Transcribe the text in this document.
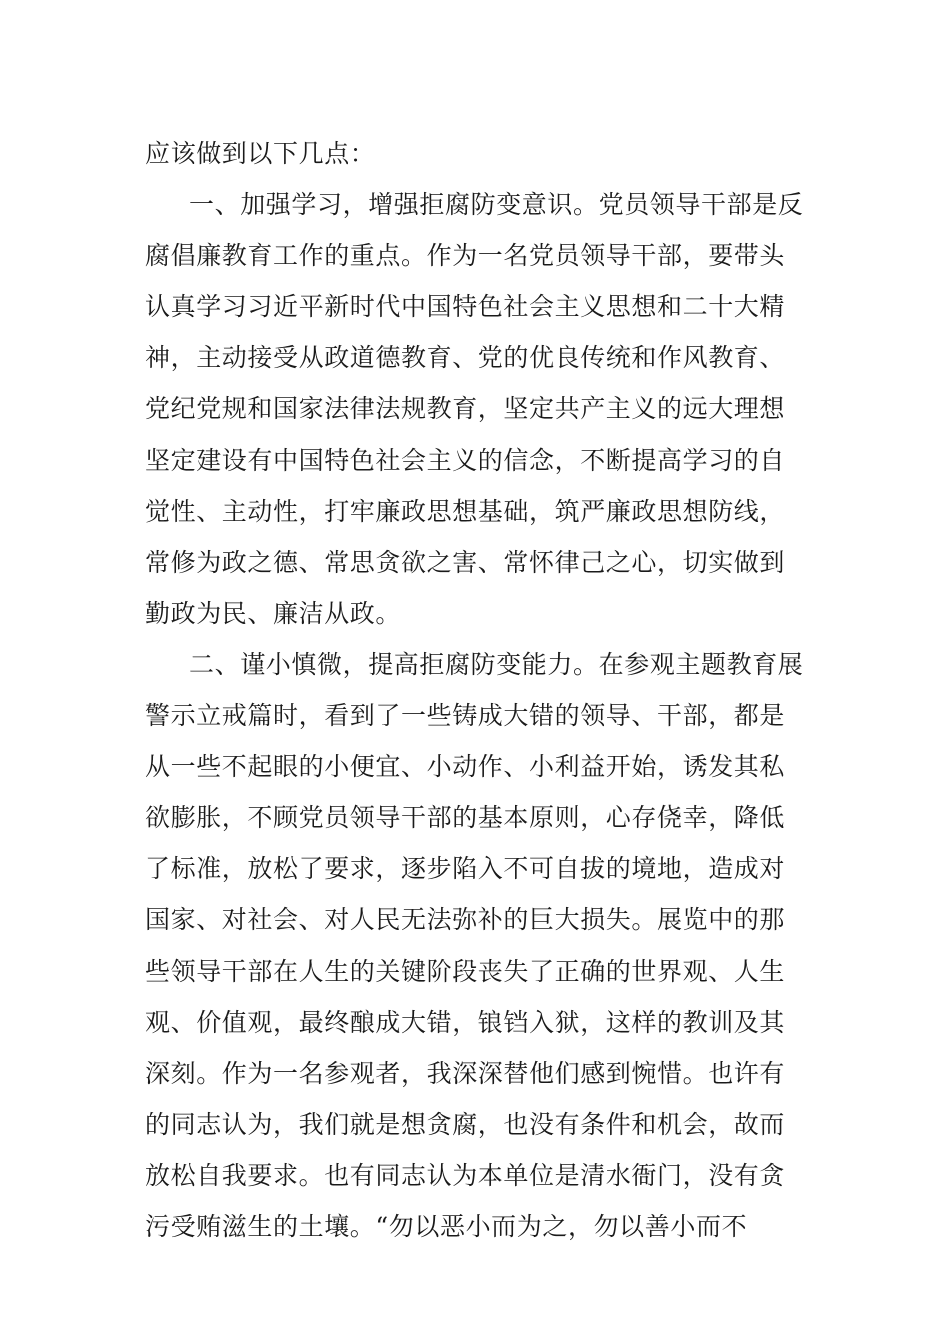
应该做到以下几点：
一、加强学习，增强拒腐防变意识。党员领导干部是反
腐倡廉教育工作的重点。作为一名党员领导干部，要带头
认真学习习近平新时代中国特色社会主义思想和二十大精
神，主动接受从政道德教育、党的优良传统和作风教育、
党纪党规和国家法律法规教育，坚定共产主义的远大理想
坚定建设有中国特色社会主义的信念，不断提高学习的自
觉性、主动性，打牢廉政思想基础，筑严廉政思想防线，
常修为政之德、常思贪欲之害、常怀律己之心，切实做到
勤政为民、廉洁从政。
二、谨小慎微，提高拒腐防变能力。在参观主题教育展
警示立戒篇时，看到了一些铸成大错的领导、干部，都是
从一些不起眼的小便宜、小动作、小利益开始，诱发其私
欲膨胀，不顾党员领导干部的基本原则，心存侥幸，降低
了标准，放松了要求，逐步陷入不可自拔的境地，造成对
国家、对社会、对人民无法弥补的巨大损失。展览中的那
些领导干部在人生的关键阶段丧失了正确的世界观、人生
观、价值观，最终酿成大错，锒铛入狱，这样的教训及其
深刻。作为一名参观者，我深深替他们感到惋惜。也许有
的同志认为，我们就是想贪腐，也没有条件和机会，故而
放松自我要求。也有同志认为本单位是清水衙门，没有贪
污受贿滋生的土壤。“勿以恶小而为之，勿以善小而不
